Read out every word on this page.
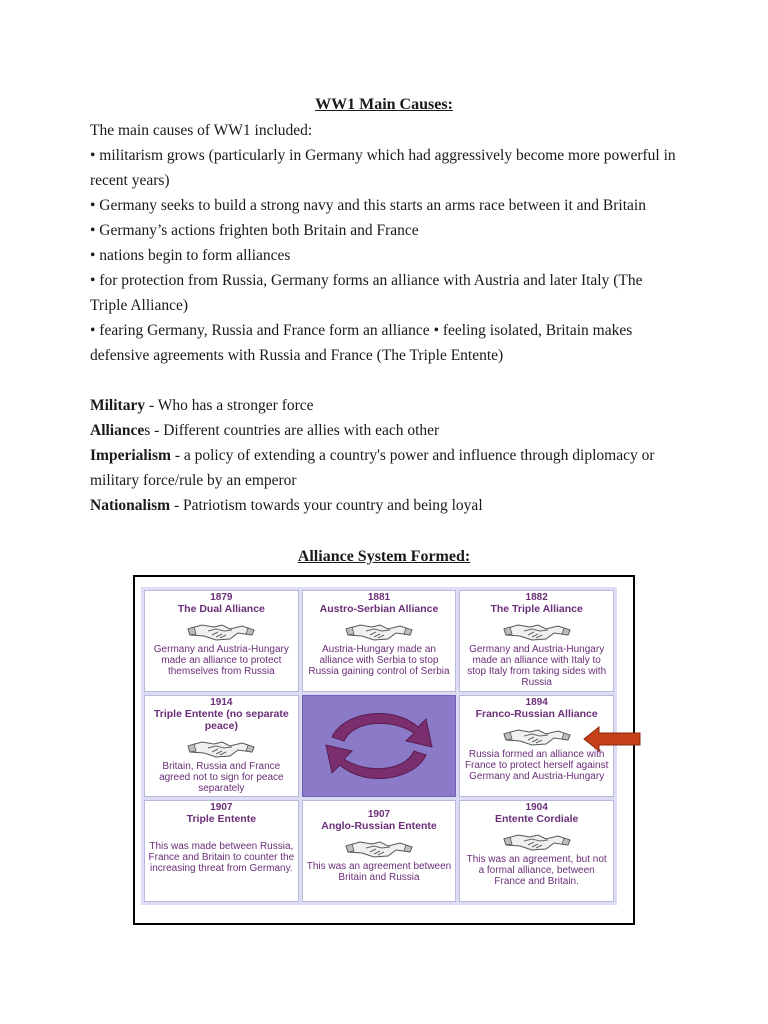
WW1 Main Causes:

The main causes of WW1 included:

• militarism grows (particularly in Germany which had aggressively become more powerful in recent years)

• Germany seeks to build a strong navy and this starts an arms race between it and Britain

• Germany’s actions frighten both Britain and France

• nations begin to form alliances

• for protection from Russia, Germany forms an alliance with Austria and later Italy (The Triple Alliance)

• fearing Germany, Russia and France form an alliance • feeling isolated, Britain makes defensive agreements with Russia and France (The Triple Entente)

Military - Who has a stronger force

Alliances - Different countries are allies with each other

Imperialism - a policy of extending a country's power and influence through diplomacy or military force/rule by an emperor

Nationalism - Patriotism towards your country and being loyal

Alliance System Formed:
1879
The Dual Alliance
Germany and Austria-Hungary made an alliance to protect themselves from Russia
1881
Austro-Serbian Alliance
Austria-Hungary made an alliance with Serbia to stop Russia gaining control of Serbia
1882
The Triple Alliance
Germany and Austria-Hungary made an alliance with Italy to stop Italy from taking sides with Russia
1914
Triple Entente (no separate peace)
Britain, Russia and France agreed not to sign for peace separately
1894
Franco-Russian Alliance
Russia formed an alliance with France to protect herself against Germany and Austria-Hungary
1907
Triple Entente
This was made between Russia, France and Britain to counter the increasing threat from Germany.
1907
Anglo-Russian Entente
This was an agreement between Britain and Russia
1904
Entente Cordiale
This was an agreement, but not a formal alliance, between France and Britain.
